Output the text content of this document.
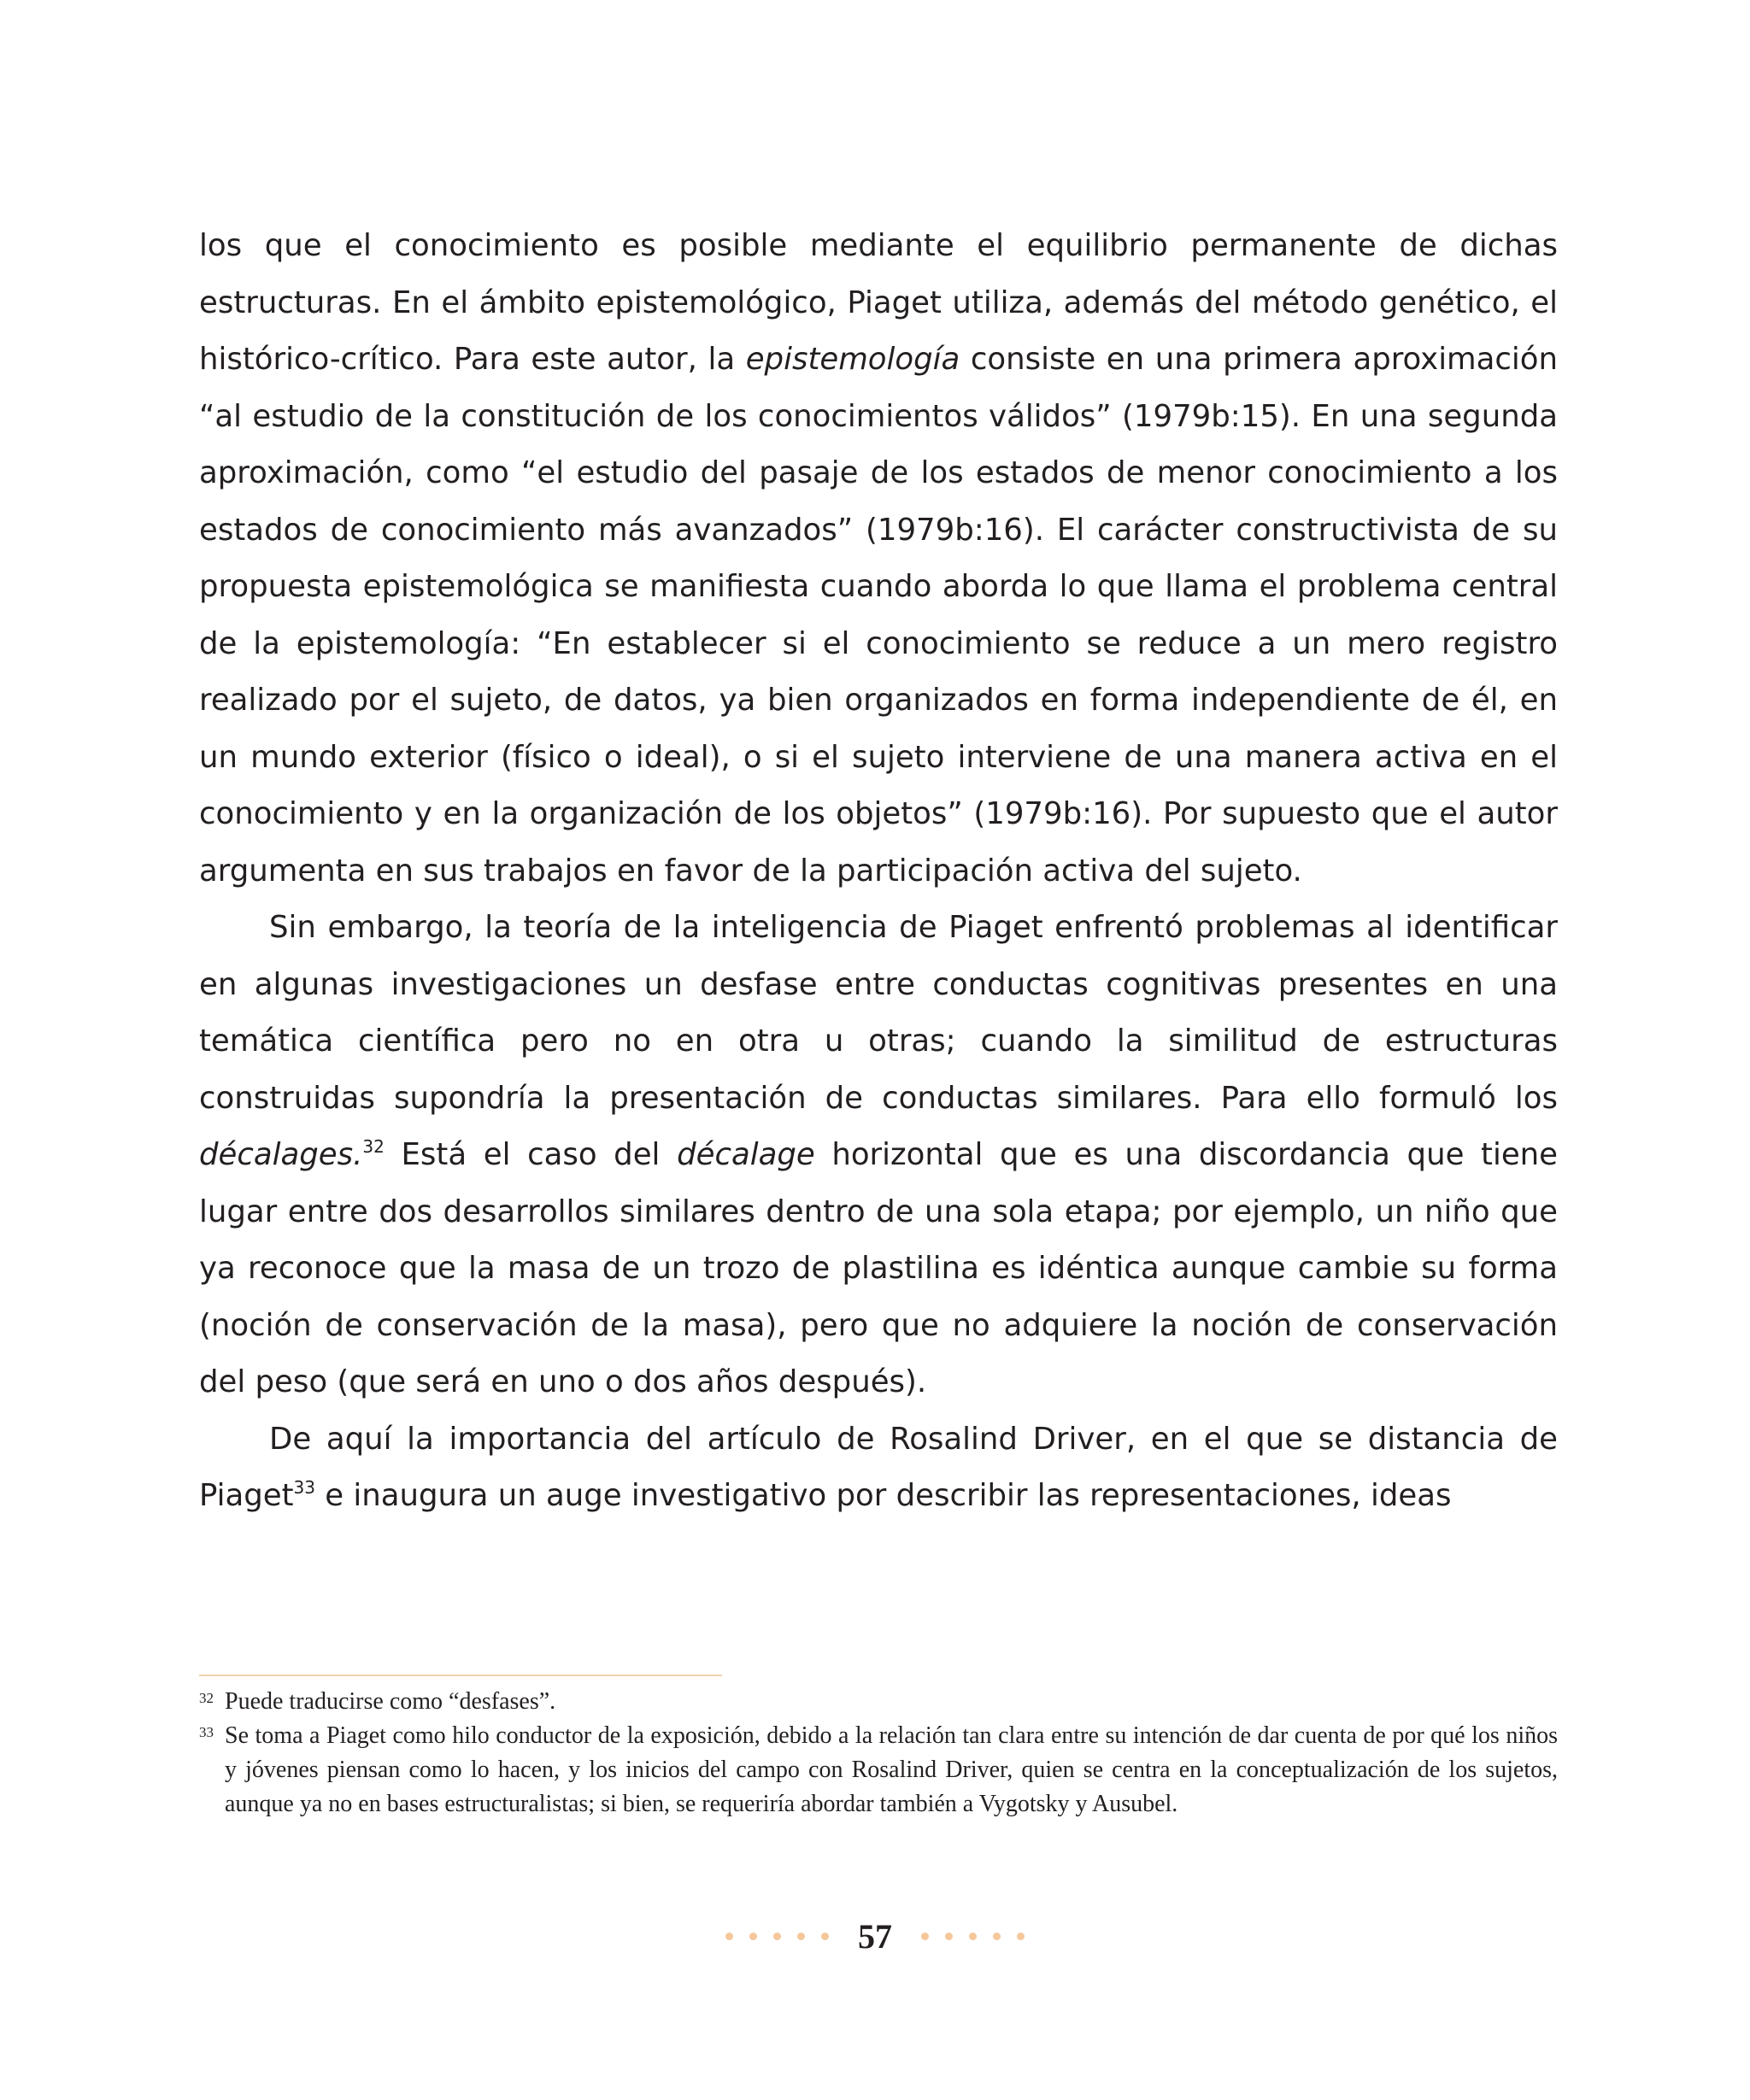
los que el conocimiento es posible mediante el equilibrio permanente de dichas estructuras. En el ámbito epistemológico, Piaget utiliza, además del método genético, el histórico-crítico. Para este autor, la epistemología consiste en una primera aproximación “al estudio de la constitución de los conocimientos válidos” (1979b:15). En una segunda aproximación, como “el estudio del pasaje de los estados de menor conocimiento a los estados de conocimiento más avanzados” (1979b:16). El carácter constructivista de su propuesta epistemológica se manifiesta cuando aborda lo que llama el problema central de la epistemología: “En establecer si el conocimiento se reduce a un mero registro realizado por el sujeto, de datos, ya bien organizados en forma independiente de él, en un mundo exterior (físico o ideal), o si el sujeto interviene de una manera activa en el conocimiento y en la organización de los objetos” (1979b:16). Por supuesto que el autor argumenta en sus trabajos en favor de la participación activa del sujeto.

Sin embargo, la teoría de la inteligencia de Piaget enfrentó problemas al identificar en algunas investigaciones un desfase entre conductas cognitivas presentes en una temática científica pero no en otra u otras; cuando la similitud de estructuras construidas supondría la presentación de conductas similares. Para ello formuló los décalages.$^{32}$ Está el caso del décalage horizontal que es una discordancia que tiene lugar entre dos desarrollos similares dentro de una sola etapa; por ejemplo, un niño que ya reconoce que la masa de un trozo de plastilina es idéntica aunque cambie su forma (noción de conservación de la masa), pero que no adquiere la noción de conservación del peso (que será en uno o dos años después).

De aquí la importancia del artículo de Rosalind Driver, en el que se distancia de Piaget$^{33}$ e inaugura un auge investigativo por describir las representaciones, ideas

32 Puede traducirse como “desfases”.

33 Se toma a Piaget como hilo conductor de la exposición, debido a la relación tan clara entre su intención de dar cuenta de por qué los niños y jóvenes piensan como lo hacen, y los inicios del campo con Rosalind Driver, quien se centra en la conceptualización de los sujetos, aunque ya no en bases estructuralistas; si bien, se requeriría abordar también a Vygotsky y Ausubel.

57
